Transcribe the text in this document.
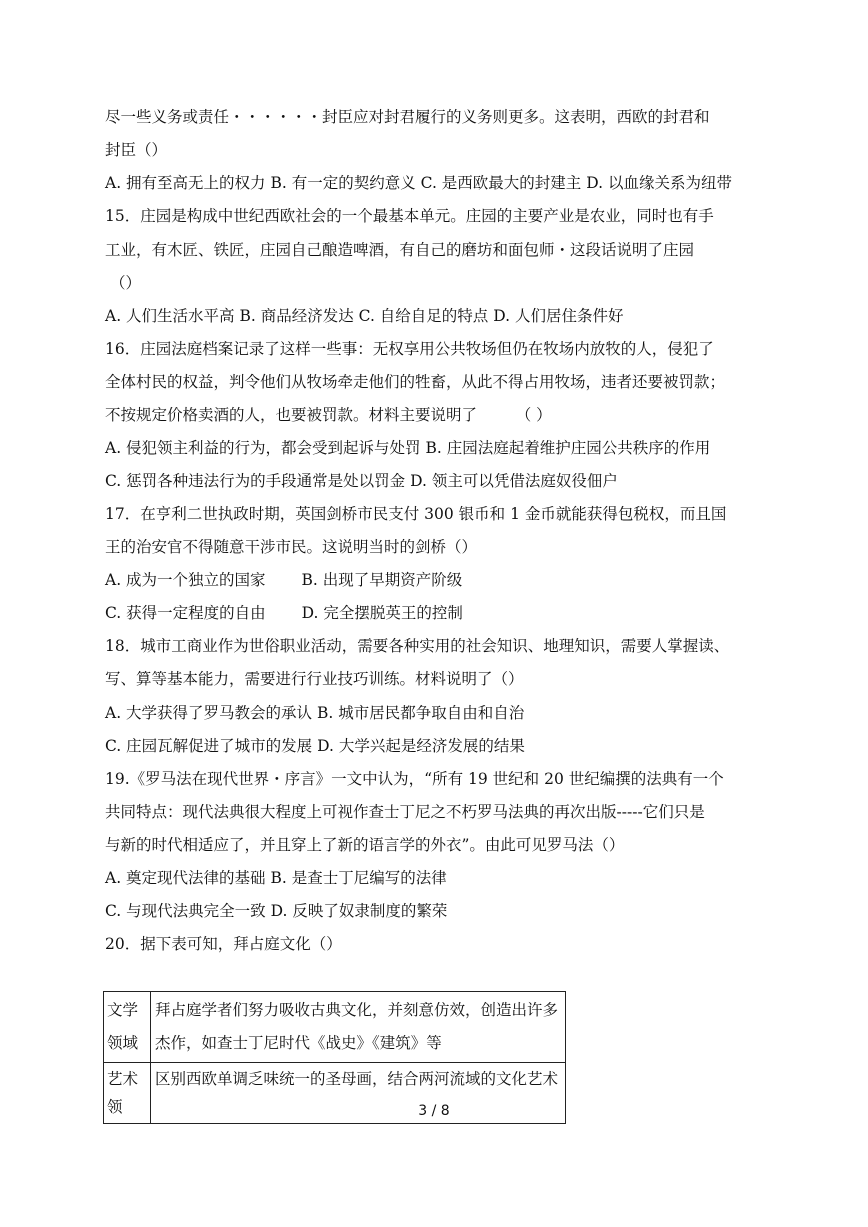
尽一些义务或责任・・・・・・封臣应对封君履行的义务则更多。这表明，西欧的封君和
封臣（）
A. 拥有至高无上的权力 B. 有一定的契约意义 C. 是西欧最大的封建主 D. 以血缘关系为纽带
15．庄园是构成中世纪西欧社会的一个最基本单元。庄园的主要产业是农业，同时也有手
工业，有木匠、铁匠，庄园自己酿造啤酒，有自己的磨坊和面包师・这段话说明了庄园
（）
A. 人们生活水平高 B. 商品经济发达 C. 自给自足的特点 D. 人们居住条件好
16．庄园法庭档案记录了这样一些事：无权享用公共牧场但仍在牧场内放牧的人，侵犯了
全体村民的权益，判令他们从牧场牵走他们的牲畜，从此不得占用牧场，违者还要被罚款；
不按规定价格卖酒的人，也要被罚款。材料主要说明了　　　（ ）
A. 侵犯领主利益的行为，都会受到起诉与处罚 B. 庄园法庭起着维护庄园公共秩序的作用
C. 惩罚各种违法行为的手段通常是处以罚金 D. 领主可以凭借法庭奴役佃户
17．在亨利二世执政时期，英国剑桥市民支付 300 银币和 1 金币就能获得包税权，而且国
王的治安官不得随意干涉市民。这说明当时的剑桥（）
A. 成为一个独立的国家　　 B. 出现了早期资产阶级
C. 获得一定程度的自由　　 D. 完全摆脱英王的控制
18．城市工商业作为世俗职业活动，需要各种实用的社会知识、地理知识，需要人掌握读、
写、算等基本能力，需要进行行业技巧训练。材料说明了（）
A. 大学获得了罗马教会的承认 B. 城市居民都争取自由和自治
C. 庄园瓦解促进了城市的发展 D. 大学兴起是经济发展的结果
19.《罗马法在现代世界・序言》一文中认为，“所有 19 世纪和 20 世纪编撰的法典有一个
共同特点：现代法典很大程度上可视作查士丁尼之不朽罗马法典的再次出版-----它们只是
与新的时代相适应了，并且穿上了新的语言学的外衣”。由此可见罗马法（）
A. 奠定现代法律的基础 B. 是查士丁尼编写的法律
C. 与现代法典完全一致 D. 反映了奴隶制度的繁荣
20．据下表可知，拜占庭文化（）
文学领域	拜占庭学者们努力吸收古典文化，并刻意仿效，创造出许多杰作，如查士丁尼时代《战史》《建筑》等
艺术领	区别西欧单调乏味统一的圣母画，结合两河流域的文化艺术
3 / 8
